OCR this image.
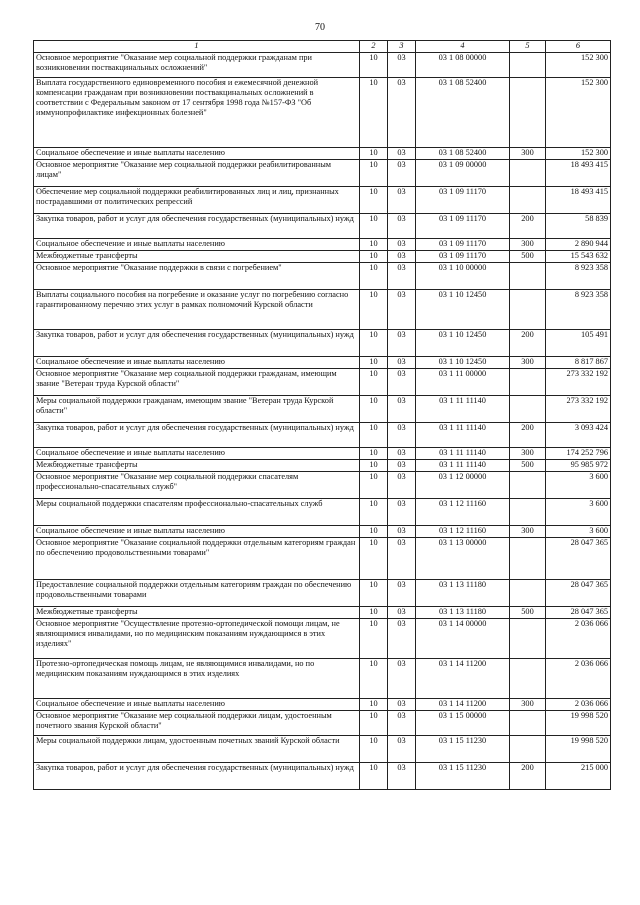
70
1	2	3	4	5	6
Основное мероприятие "Оказание мер социальной поддержки гражданам при возникновении поствакцинальных осложнений"	10	03	03 1 08 00000		152 300
Выплата государственного единовременного пособия и ежемесячной денежной компенсации гражданам при возникновении поствакцинальных осложнений в соответствии с Федеральным законом от 17 сентября 1998 года №157-ФЗ "Об иммунопрофилактике инфекционных болезней"	10	03	03 1 08 52400		152 300
Социальное обеспечение и иные выплаты населению	10	03	03 1 08 52400	300	152 300
Основное мероприятие "Оказание мер социальной поддержки реабилитированным лицам"	10	03	03 1 09 00000		18 493 415
Обеспечение мер социальной поддержки реабилитированных лиц и лиц, признанных пострадавшими от политических репрессий	10	03	03 1 09 11170		18 493 415
Закупка товаров, работ и услуг для обеспечения государственных (муниципальных) нужд	10	03	03 1 09 11170	200	58 839
Социальное обеспечение и иные выплаты населению	10	03	03 1 09 11170	300	2 890 944
Межбюджетные трансферты	10	03	03 1 09 11170	500	15 543 632
Основное мероприятие "Оказание поддержки в связи с погребением"	10	03	03 1 10 00000		8 923 358
Выплаты социального пособия на погребение и оказание услуг по погребению согласно гарантированному перечню этих услуг в рамках полномочий Курской области	10	03	03 1 10 12450		8 923 358
Закупка товаров, работ и услуг для обеспечения государственных (муниципальных) нужд	10	03	03 1 10 12450	200	105 491
Социальное обеспечение и иные выплаты населению	10	03	03 1 10 12450	300	8 817 867
Основное мероприятие "Оказание мер социальной поддержки гражданам, имеющим звание "Ветеран труда Курской области"	10	03	03 1 11 00000		273 332 192
Меры социальной поддержки гражданам, имеющим звание "Ветеран труда Курской области"	10	03	03 1 11 11140		273 332 192
Закупка товаров, работ и услуг для обеспечения государственных (муниципальных) нужд	10	03	03 1 11 11140	200	3 093 424
Социальное обеспечение и иные выплаты населению	10	03	03 1 11 11140	300	174 252 796
Межбюджетные трансферты	10	03	03 1 11 11140	500	95 985 972
Основное мероприятие "Оказание мер социальной поддержки спасателям профессионально-спасательных служб"	10	03	03 1 12 00000		3 600
Меры социальной поддержки спасателям профессионально-спасательных служб	10	03	03 1 12 11160		3 600
Социальное обеспечение и иные выплаты населению	10	03	03 1 12 11160	300	3 600
Основное мероприятие "Оказание социальной поддержки отдельным категориям граждан по обеспечению продовольственными товарами"	10	03	03 1 13 00000		28 047 365
Предоставление социальной поддержки отдельным категориям граждан по обеспечению продовольственными товарами	10	03	03 1 13 11180		28 047 365
Межбюджетные трансферты	10	03	03 1 13 11180	500	28 047 365
Основное мероприятие "Осуществление протезно-ортопедической помощи лицам, не являющимися инвалидами, но по медицинским показаниям нуждающимся в этих изделиях"	10	03	03 1 14 00000		2 036 066
Протезно-ортопедическая помощь лицам, не являющимися инвалидами, но по медицинским показаниям нуждающимся в этих изделиях	10	03	03 1 14 11200		2 036 066
Социальное обеспечение и иные выплаты населению	10	03	03 1 14 11200	300	2 036 066
Основное мероприятие "Оказание мер социальной поддержки лицам, удостоенным почетного звания Курской области"	10	03	03 1 15 00000		19 998 520
Меры социальной поддержки лицам, удостоенным почетных званий Курской области	10	03	03 1 15 11230		19 998 520
Закупка товаров, работ и услуг для обеспечения государственных (муниципальных) нужд	10	03	03 1 15 11230	200	215 000
